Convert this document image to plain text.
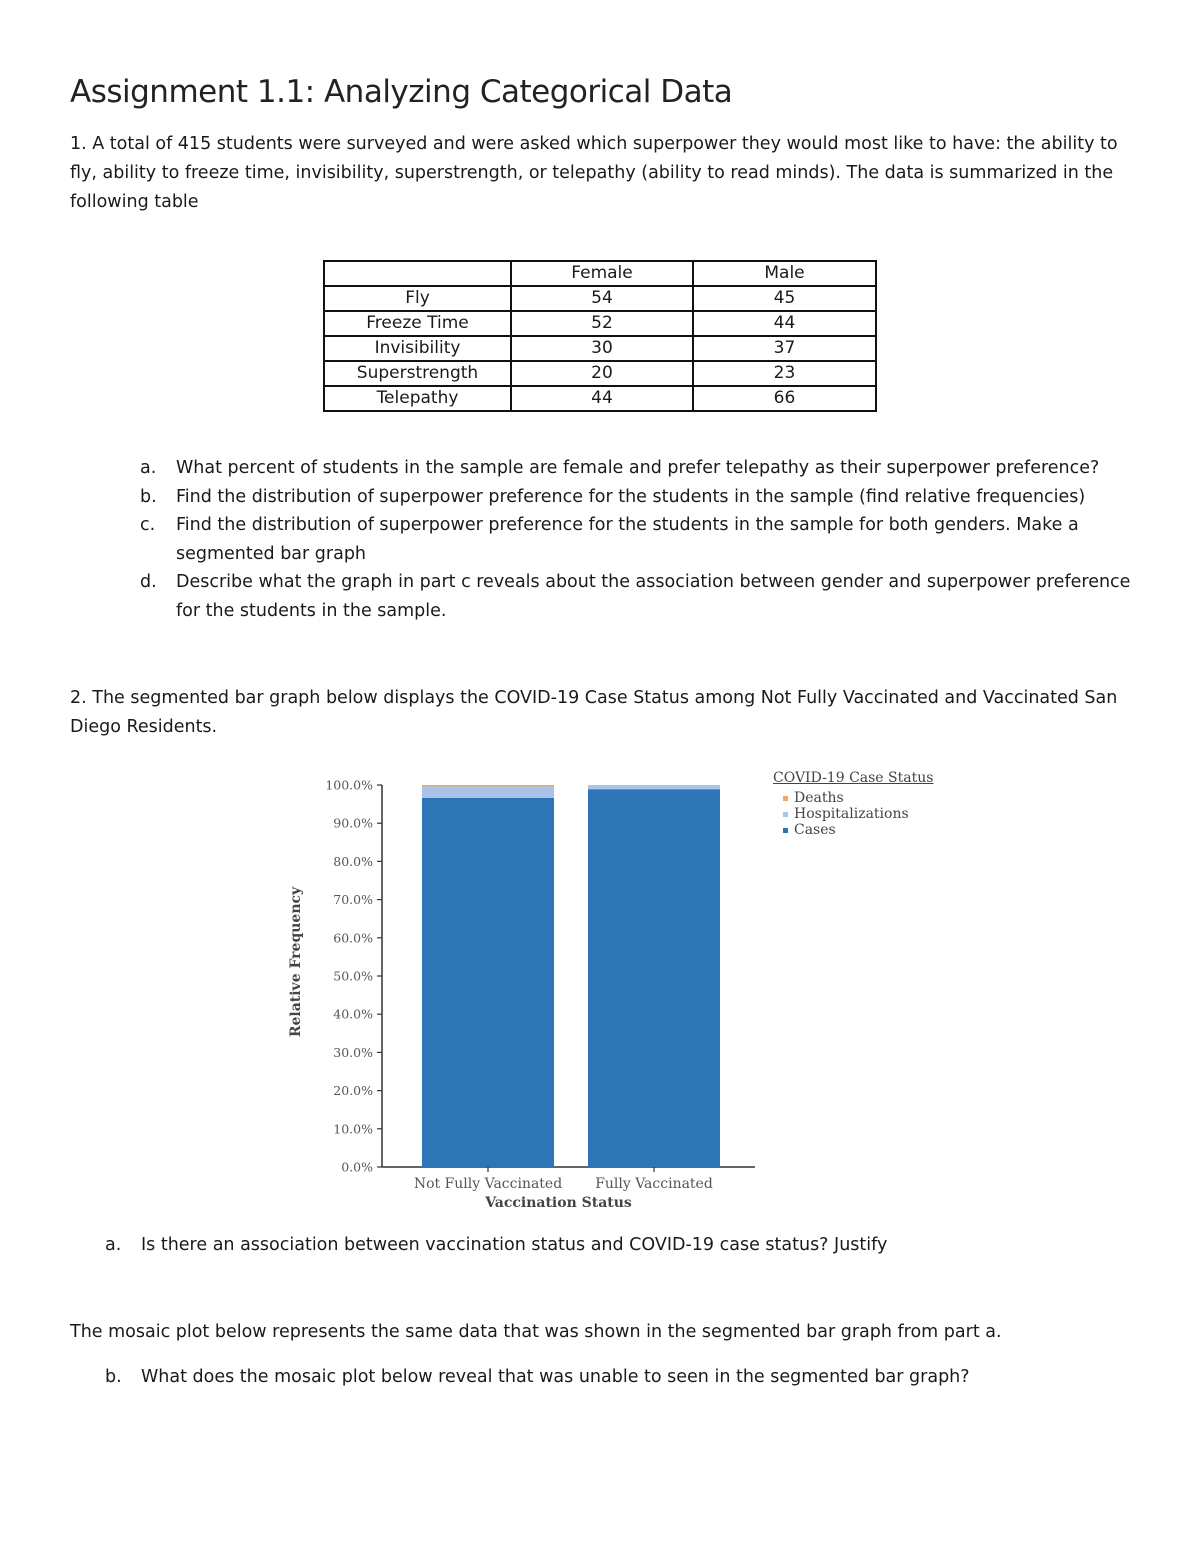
Assignment 1.1: Analyzing Categorical Data

1. A total of 415 students were surveyed and were asked which superpower they would most like to have: the ability to fly, ability to freeze time, invisibility, superstrength, or telepathy (ability to read minds). The data is summarized in the following table

	Female	Male
Fly	54	45
Freeze Time	52	44
Invisibility	30	37
Superstrength	20	23
Telepathy	44	66
a. What percent of students in the sample are female and prefer telepathy as their superpower preference?
b. Find the distribution of superpower preference for the students in the sample (find relative frequencies)
c. Find the distribution of superpower preference for the students in the sample for both genders. Make a segmented bar graph
d. Describe what the graph in part c reveals about the association between gender and superpower preference for the students in the sample.

2. The segmented bar graph below displays the COVID-19 Case Status among Not Fully Vaccinated and Vaccinated San Diego Residents.

0.0%
10.0%
20.0%
30.0%
40.0%
50.0%
60.0%
70.0%
80.0%
90.0%
100.0%
Not Fully Vaccinated Fully Vaccinated
Vaccination Status
Relative Frequency
COVID-19 Case Status
Deaths
Hospitalizations
Cases
a. Is there an association between vaccination status and COVID-19 case status? Justify

The mosaic plot below represents the same data that was shown in the segmented bar graph from part a.

b. What does the mosaic plot below reveal that was unable to seen in the segmented bar graph?
